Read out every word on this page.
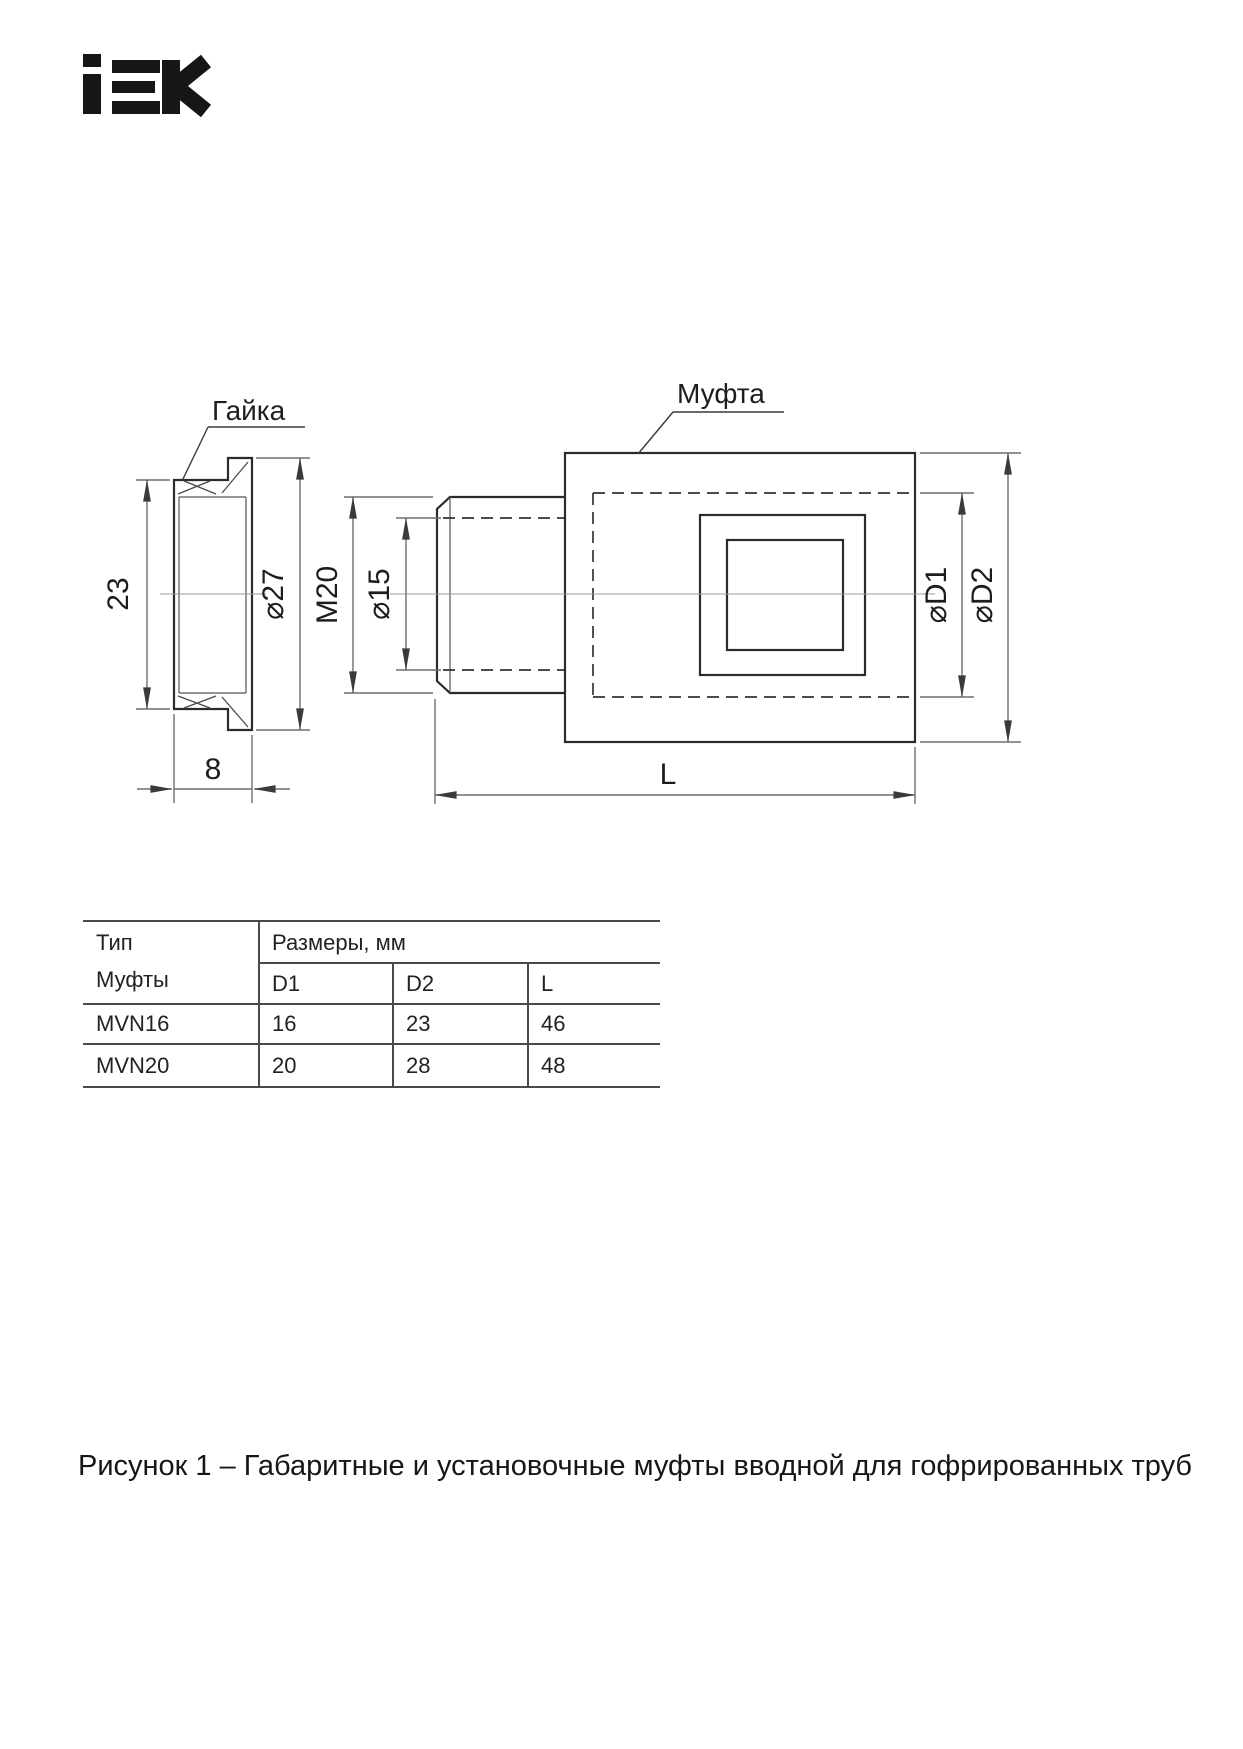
Гайка
23	⌀27
8
Муфта
M20 ⌀15	⌀D1 ⌀D2
L
Тип
Муфты
Размеры, мм
D1	D2	L
MVN16	16	23	46
MVN20	20	28	48
Рисунок 1 – Габаритные и установочные муфты вводной для гофрированных труб
